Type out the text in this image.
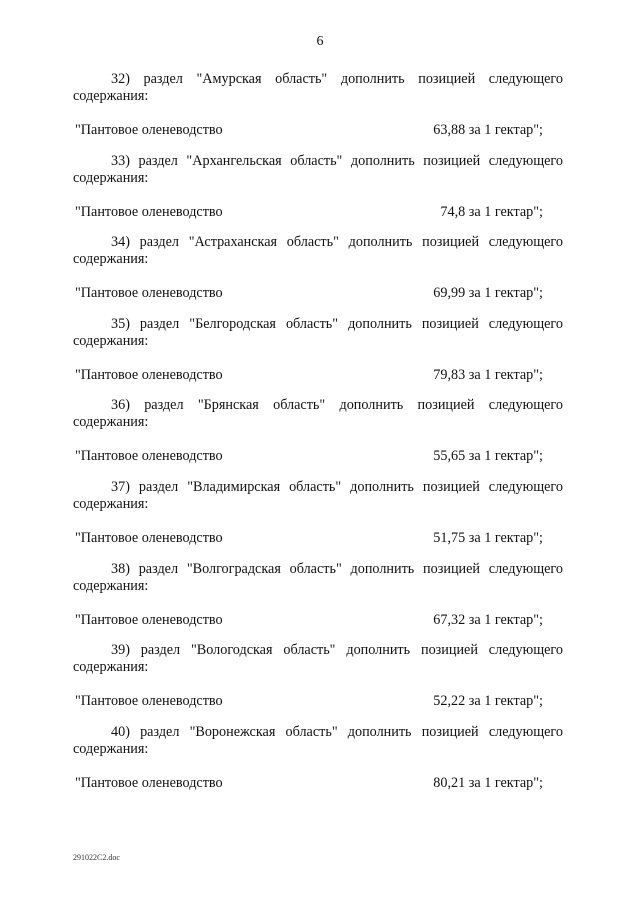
6
32) раздел "Амурская область" дополнить позицией следующего
содержания:
"Пантовое оленеводство	63,88 за 1 гектар";
33) раздел "Архангельская область" дополнить позицией следующего
содержания:
"Пантовое оленеводство	74,8 за 1 гектар";
34) раздел "Астраханская область" дополнить позицией следующего
содержания:
"Пантовое оленеводство	69,99 за 1 гектар";
35) раздел "Белгородская область" дополнить позицией следующего
содержания:
"Пантовое оленеводство	79,83 за 1 гектар";
36) раздел "Брянская область" дополнить позицией следующего
содержания:
"Пантовое оленеводство	55,65 за 1 гектар";
37) раздел "Владимирская область" дополнить позицией следующего
содержания:
"Пантовое оленеводство	51,75 за 1 гектар";
38) раздел "Волгоградская область" дополнить позицией следующего
содержания:
"Пантовое оленеводство	67,32 за 1 гектар";
39) раздел "Вологодская область" дополнить позицией следующего
содержания:
"Пантовое оленеводство	52,22 за 1 гектар";
40) раздел "Воронежская область" дополнить позицией следующего
содержания:
"Пантовое оленеводство	80,21 за 1 гектар";
291022C2.doc
